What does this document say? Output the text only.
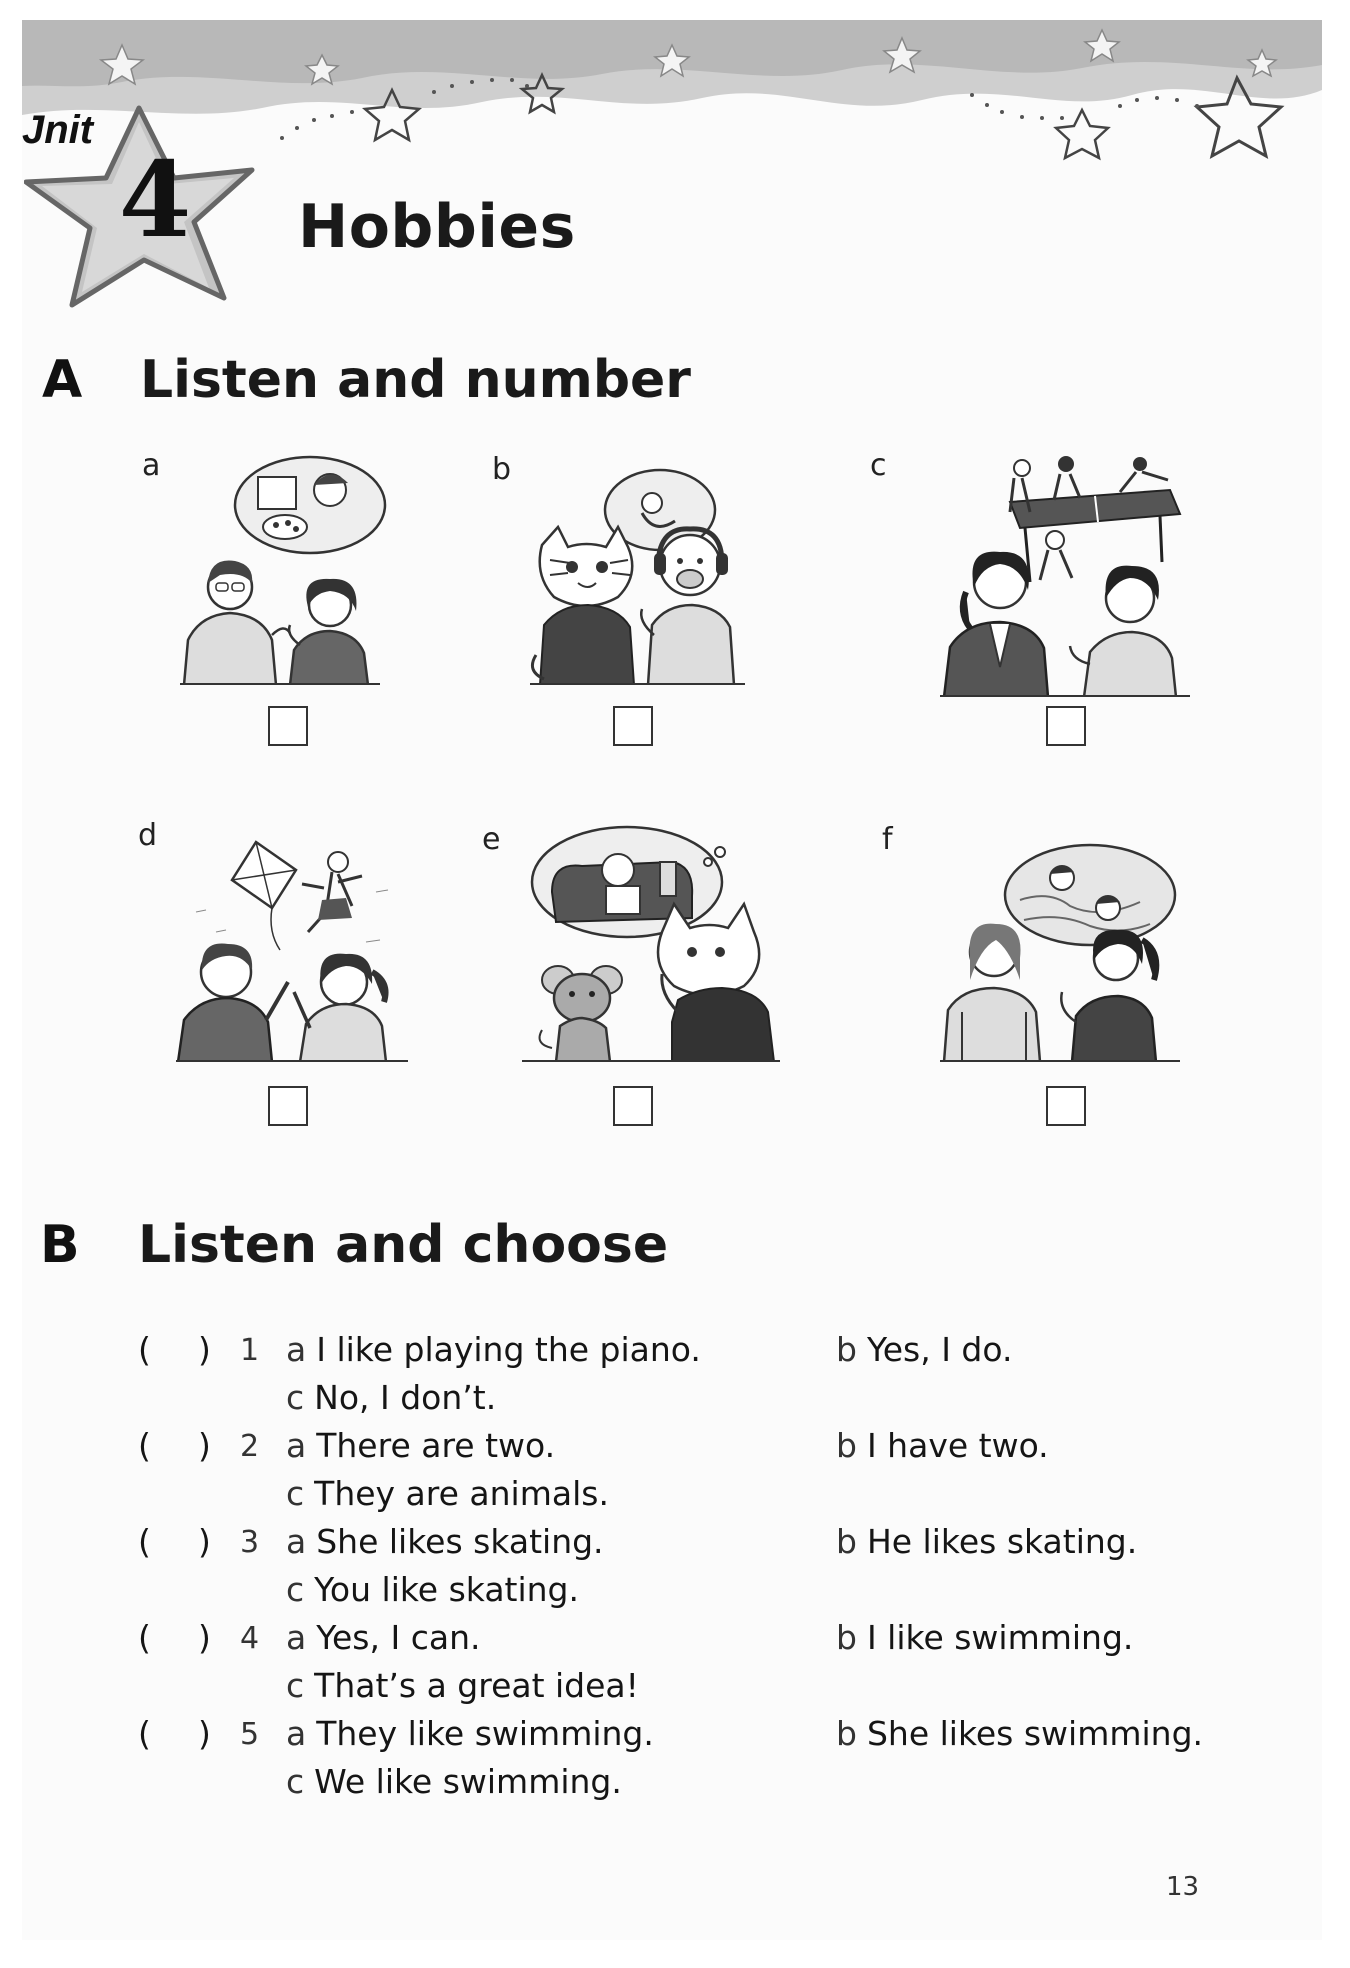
Jnit
4	Hobbies
A Listen and number
a	b	c
d	e	f
B Listen and choose
( ) 1 a I like playing the piano.	b Yes, I do.
c No, I don’t.
( ) 2 a There are two.	b I have two.
c They are animals.
( ) 3 a She likes skating.	b He likes skating.
c You like skating.
( ) 4 a Yes, I can.	b I like swimming.
c That’s a great idea!
( ) 5 a They like swimming.	b She likes swimming.
c We like swimming.
13
